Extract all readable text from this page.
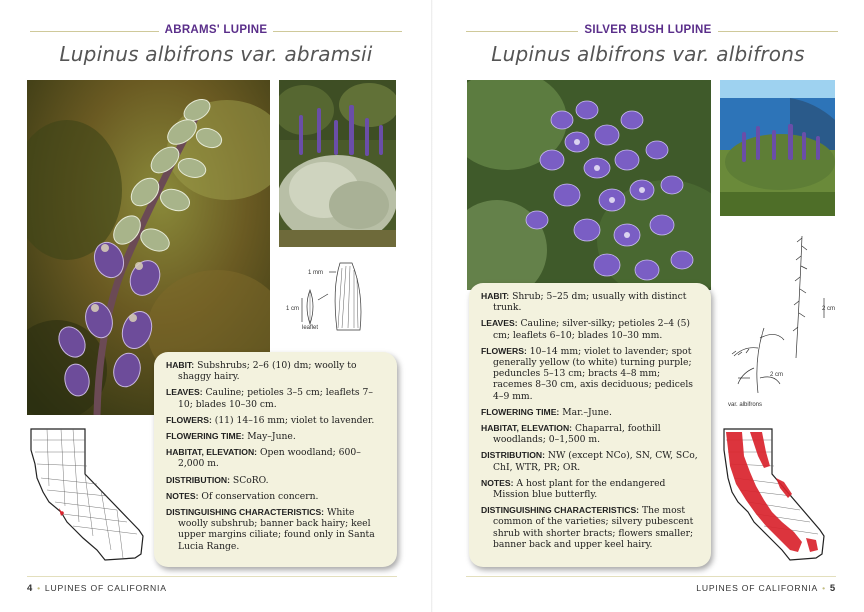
ABRAMS' LUPINE
Lupinus albifrons var. abramsii
1 mm
1 cm
leaflet

HABIT: Subshrubs; 2–6 (10) dm; woolly to shaggy hairy.

LEAVES: Cauline; petioles 3–5 cm; leaflets 7–10; blades 10–30 cm.

FLOWERS: (11) 14–16 mm; violet to lavender.

FLOWERING TIME: May–June.

HABITAT, ELEVATION: Open woodland; 600–2,000 m.

DISTRIBUTION: SCoRO.

NOTES: Of conservation concern.

DISTINGUISHING CHARACTERISTICS: White woolly subshrub; banner back hairy; keel upper margins ciliate; found only in Santa Lucia Range.

4 • LUPINES OF CALIFORNIA
SILVER BUSH LUPINE
Lupinus albifrons var. albifrons
2 cm
2 cm
var. albifrons

HABIT: Shrub; 5–25 dm; usually with distinct trunk.

LEAVES: Cauline; silver-silky; petioles 2–4 (5) cm; leaflets 6–10; blades 10–30 mm.

FLOWERS: 10–14 mm; violet to lavender; spot generally yellow (to white) turning purple; peduncles 5–13 cm; bracts 4–8 mm; racemes 8–30 cm, axis deciduous; pedicels 4–9 mm.

FLOWERING TIME: Mar.–June.

HABITAT, ELEVATION: Chaparral, foothill woodlands; 0–1,500 m.

DISTRIBUTION: NW (except NCo), SN, CW, SCo, ChI, WTR, PR; OR.

NOTES: A host plant for the endangered Mission blue butterfly.

DISTINGUISHING CHARACTERISTICS: The most common of the varieties; silvery pubescent shrub with shorter bracts; flowers smaller; banner back and upper keel hairy.

LUPINES OF CALIFORNIA • 5
